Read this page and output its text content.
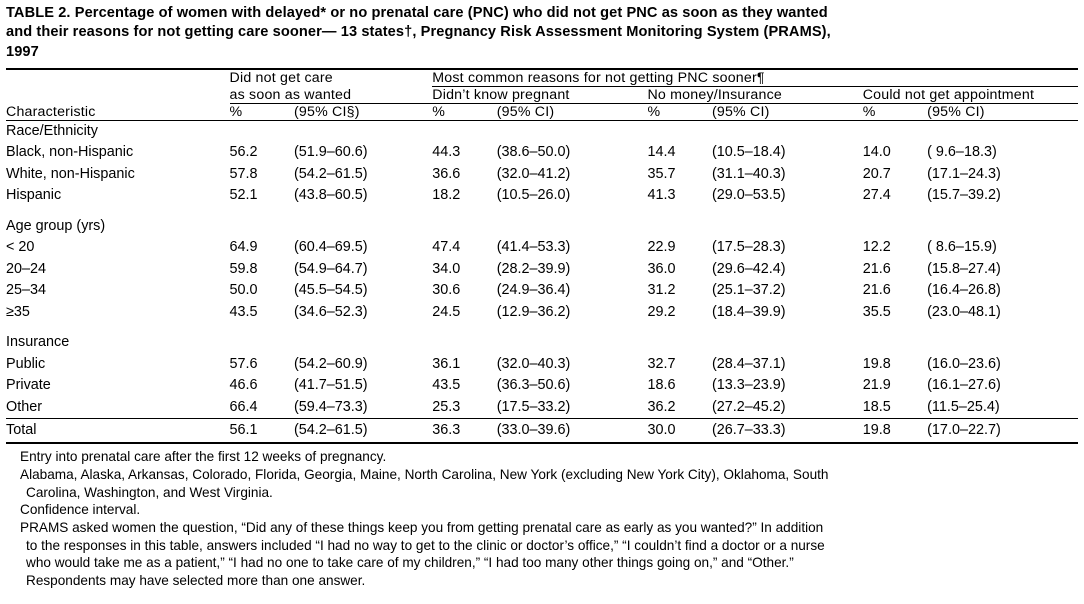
TABLE 2. Percentage of women with delayed* or no prenatal care (PNC) who did not get PNC as soon as they wanted
and their reasons for not getting care sooner— 13 states†, Pregnancy Risk Assessment Monitoring System (PRAMS),
1997
	Did not get care		Most common reasons for not getting PNC sooner¶					
	as soon as wanted		Didn’t know pregnant		No money/Insurance		Could not get appointment	
Characteristic	%	(95% CI§)	%	(95% CI)	%	(95% CI)	%	(95% CI)
Race/Ethnicity								
Black, non-Hispanic	56.2	(51.9–60.6)	44.3	(38.6–50.0)	14.4	(10.5–18.4)	14.0	( 9.6–18.3)
White, non-Hispanic	57.8	(54.2–61.5)	36.6	(32.0–41.2)	35.7	(31.1–40.3)	20.7	(17.1–24.3)
Hispanic	52.1	(43.8–60.5)	18.2	(10.5–26.0)	41.3	(29.0–53.5)	27.4	(15.7–39.2)

Age group (yrs)								
< 20	64.9	(60.4–69.5)	47.4	(41.4–53.3)	22.9	(17.5–28.3)	12.2	( 8.6–15.9)
20–24	59.8	(54.9–64.7)	34.0	(28.2–39.9)	36.0	(29.6–42.4)	21.6	(15.8–27.4)
25–34	50.0	(45.5–54.5)	30.6	(24.9–36.4)	31.2	(25.1–37.2)	21.6	(16.4–26.8)
≥35	43.5	(34.6–52.3)	24.5	(12.9–36.2)	29.2	(18.4–39.9)	35.5	(23.0–48.1)

Insurance								
Public	57.6	(54.2–60.9)	36.1	(32.0–40.3)	32.7	(28.4–37.1)	19.8	(16.0–23.6)
Private	46.6	(41.7–51.5)	43.5	(36.3–50.6)	18.6	(13.3–23.9)	21.9	(16.1–27.6)
Other	66.4	(59.4–73.3)	25.3	(17.5–33.2)	36.2	(27.2–45.2)	18.5	(11.5–25.4)
Total	56.1	(54.2–61.5)	36.3	(33.0–39.6)	30.0	(26.7–33.3)	19.8	(17.0–22.7)
Entry into prenatal care after the first 12 weeks of pregnancy.
Alabama, Alaska, Arkansas, Colorado, Florida, Georgia, Maine, North Carolina, New York (excluding New York City), Oklahoma, South
Carolina, Washington, and West Virginia.
Confidence interval.
PRAMS asked women the question, “Did any of these things keep you from getting prenatal care as early as you wanted?” In addition
to the responses in this table, answers included “I had no way to get to the clinic or doctor’s office,” “I couldn’t find a doctor or a nurse
who would take me as a patient,” “I had no one to take care of my children,” “I had too many other things going on,” and “Other.”
Respondents may have selected more than one answer.
